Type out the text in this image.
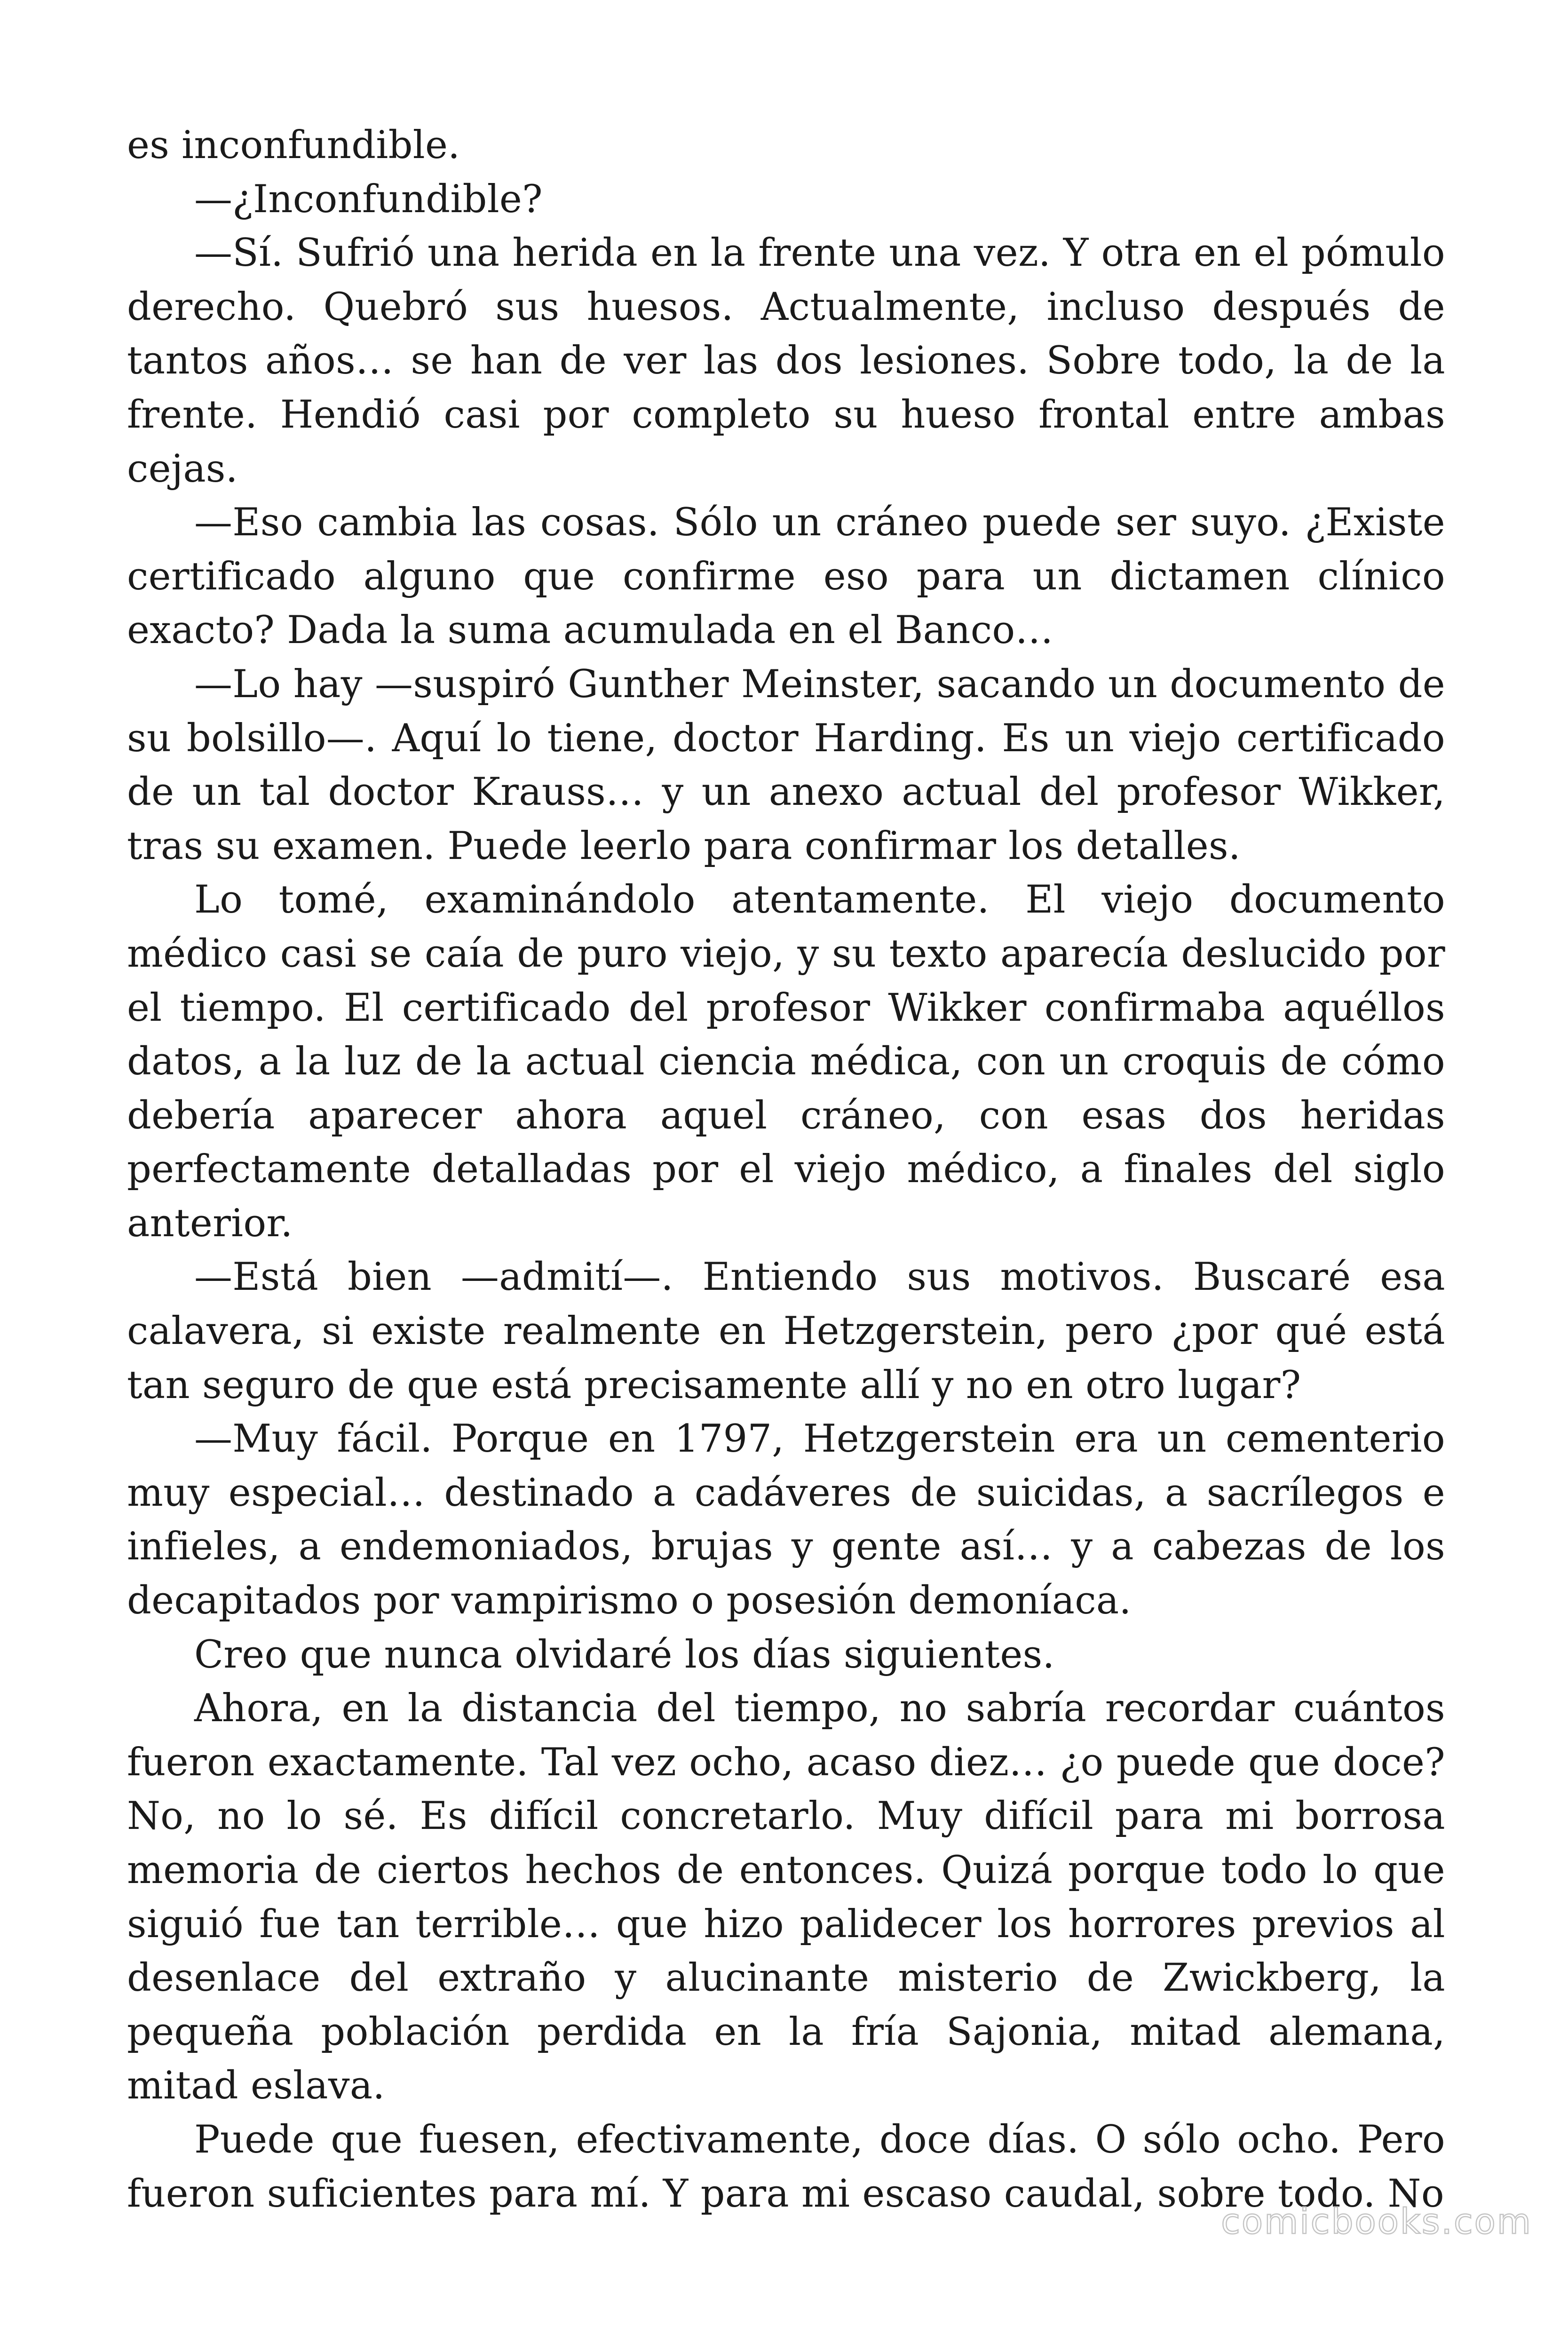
es inconfundible.

—¿Inconfundible?

—Sí. Sufrió una herida en la frente una vez. Y otra en el pómulo derecho. Quebró sus huesos. Actualmente, incluso después de tantos años… se han de ver las dos lesiones. Sobre todo, la de la frente. Hendió casi por completo su hueso frontal entre ambas cejas.

—Eso cambia las cosas. Sólo un cráneo puede ser suyo. ¿Existe certificado alguno que confirme eso para un dictamen clínico exacto? Dada la suma acumulada en el Banco…

—Lo hay —suspiró Gunther Meinster, sacando un documento de su bolsillo—. Aquí lo tiene, doctor Harding. Es un viejo certificado de un tal doctor Krauss… y un anexo actual del profesor Wikker, tras su examen. Puede leerlo para confirmar los detalles.

Lo tomé, examinándolo atentamente. El viejo documento médico casi se caía de puro viejo, y su texto aparecía deslucido por el tiempo. El certificado del profesor Wikker confirmaba aquéllos datos, a la luz de la actual ciencia médica, con un croquis de cómo debería aparecer ahora aquel cráneo, con esas dos heridas perfectamente detalladas por el viejo médico, a finales del siglo anterior.

—Está bien —admití—. Entiendo sus motivos. Buscaré esa calavera, si existe realmente en Hetzgerstein, pero ¿por qué está tan seguro de que está precisamente allí y no en otro lugar?

—Muy fácil. Porque en 1797, Hetzgerstein era un cementerio muy especial… destinado a cadáveres de suicidas, a sacrílegos e infieles, a endemoniados, brujas y gente así… y a cabezas de los decapitados por vampirismo o posesión demoníaca.

Creo que nunca olvidaré los días siguientes.

Ahora, en la distancia del tiempo, no sabría recordar cuántos fueron exactamente. Tal vez ocho, acaso diez… ¿o puede que doce? No, no lo sé. Es difícil concretarlo. Muy difícil para mi borrosa memoria de ciertos hechos de entonces. Quizá porque todo lo que siguió fue tan terrible… que hizo palidecer los horrores previos al desenlace del extraño y alucinante misterio de Zwickberg, la pequeña población perdida en la fría Sajonia, mitad alemana, mitad eslava.

Puede que fuesen, efectivamente, doce días. O sólo ocho. Pero fueron suficientes para mí. Y para mi escaso caudal, sobre todo. No

comicbooks.com
